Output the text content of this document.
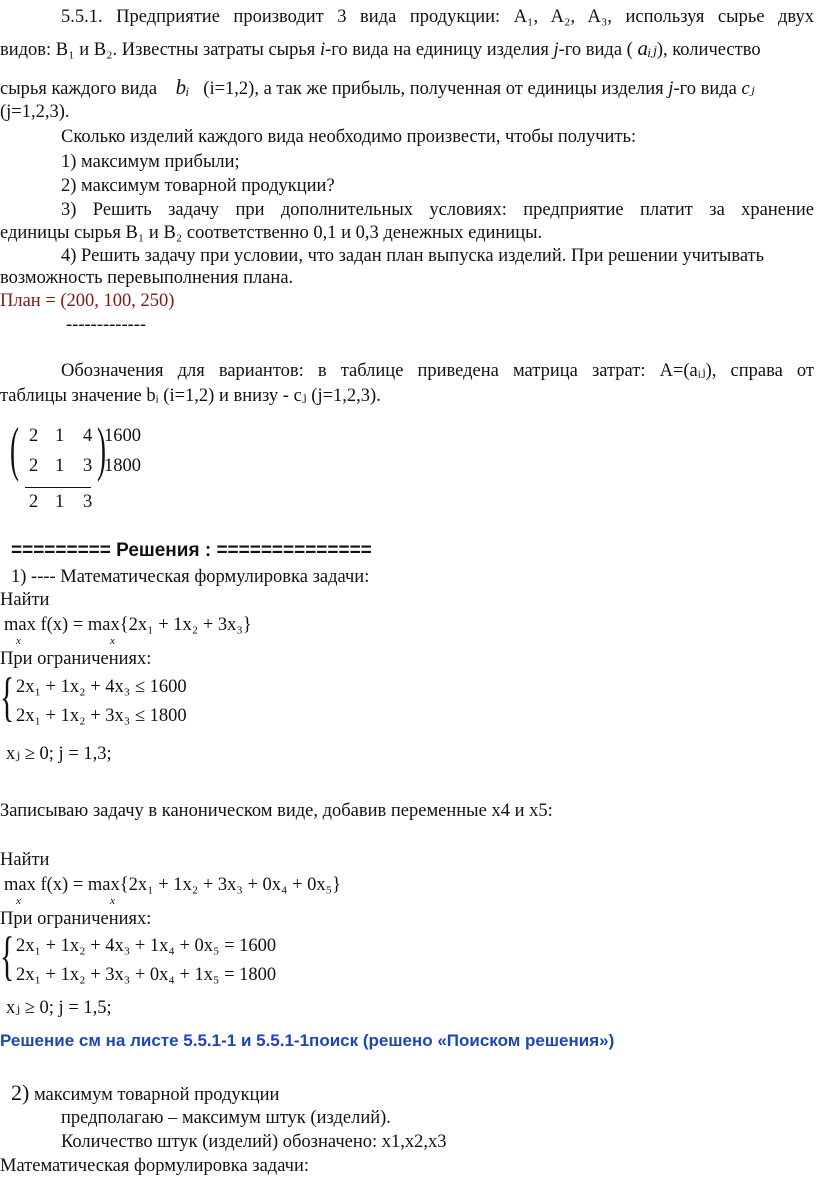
5.5.1. Предприятие производит 3 вида продукции: A₁, A₂, A₃, используя сырье двух
видов: B₁ и B₂. Известны затраты сырья i-го вида на единицу изделия j-го вида ( aᵢⱼ), количество
сырья каждого вида bᵢ (i=1,2), а так же прибыль, полученная от единицы изделия j-го вида cⱼ
(j=1,2,3).
Сколько изделий каждого вида необходимо произвести, чтобы получить:
1) максимум прибыли;
2) максимум товарной продукции?
3) Решить задачу при дополнительных условиях: предприятие платит за хранение
единицы сырья B₁ и B₂ соответственно 0,1 и 0,3 денежных единицы.
4) Решить задачу при условии, что задан план выпуска изделий. При решении учитывать
возможность перевыполнения плана.
План = (200, 100, 250)
-------------
Обозначения для вариантов: в таблице приведена матрица затрат: A=(aᵢⱼ), справа от
таблицы значение bᵢ (i=1,2) и внизу - cⱼ (j=1,2,3).
( )
2 1 4 1600
2 1 3 1800
2 1 3
========= Решения : ==============
1) ---- Математическая формулировка задачи:
Найти
max f(x) = max{2x₁ + 1x₂ + 3x₃}
x	x
При ограничениях:
{ 2x₁ + 1x₂ + 4x₃ ≤ 1600
2x₁ + 1x₂ + 3x₃ ≤ 1800
xⱼ ≥ 0; j = 1,3;
Записываю задачу в каноническом виде, добавив переменные x4 и x5:
Найти
max f(x) = max{2x₁ + 1x₂ + 3x₃ + 0x₄ + 0x₅}
x	x
При ограничениях:
{ 2x₁ + 1x₂ + 4x₃ + 1x₄ + 0x₅ = 1600
2x₁ + 1x₂ + 3x₃ + 0x₄ + 1x₅ = 1800
xⱼ ≥ 0; j = 1,5;
Решение см на листе 5.5.1-1 и 5.5.1-1поиск (решено «Поиском решения»)
2) максимум товарной продукции
предполагаю – максимум штук (изделий).
Количество штук (изделий) обозначено: x1,x2,x3
Математическая формулировка задачи:
